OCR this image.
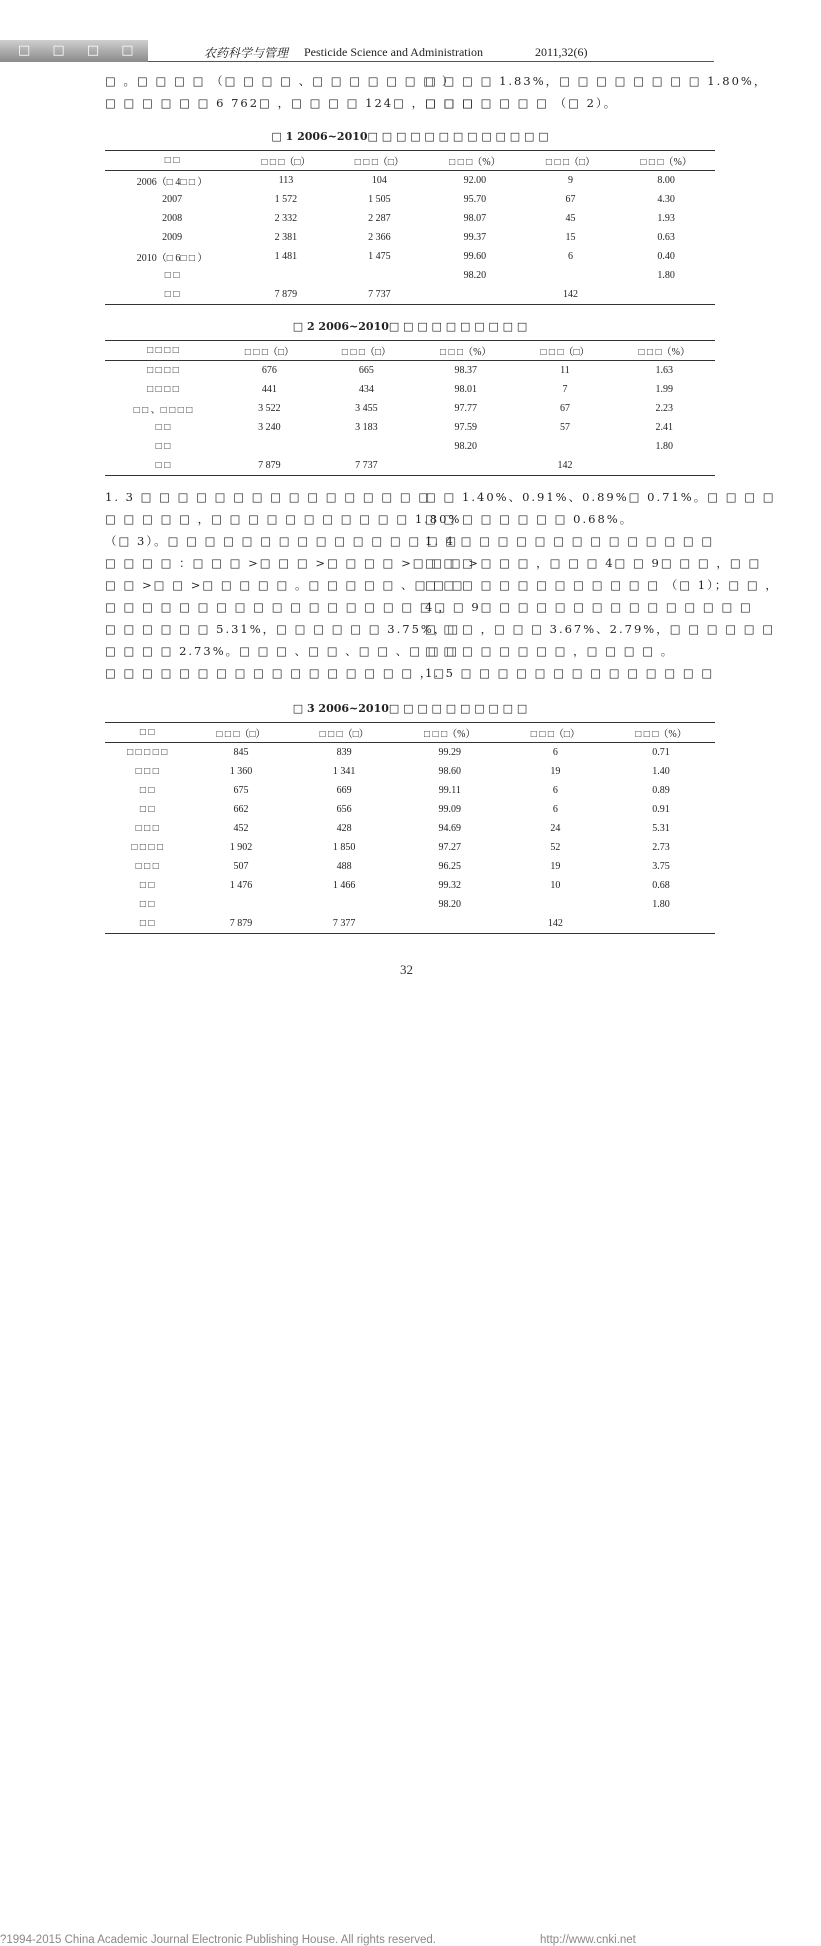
□ □ □ □	农药科学与管理 Pesticide Science and Administration	2011,32(6)
□ 。□ □ □ □ （□ □ □ □ 、□ □ □ □ □ □ □ ）
□ □ □ □ □ □ 6 762□ ，□ □ □ □ 124□ ，□ □ □
□ □ □ □ 1.83%，□ □ □ □ □ □ □ □ 1.80%，
□ □ □ □ □ □ □ （□ 2）。
□ 1 2006~2010□ □ □ □ □ □ □ □ □ □ □ □ □
□ □	□ □ □（□）	□ □ □（□）	□ □ □（%）	□ □ □（□）	□ □ □（%）
2006（□ 4□ □ ）	113	104	92.00	9	8.00
2007	1 572	1 505	95.70	67	4.30
2008	2 332	2 287	98.07	45	1.93
2009	2 381	2 366	99.37	15	0.63
2010（□ 6□ □ ）	1 481	1 475	99.60	6	0.40
□ □			98.20		1.80
□ □	7 879	7 737		142	
□ 2 2006~2010□ □ □ □ □ □ □ □ □ □
□ □ □ □	□ □ □（□）	□ □ □（□）	□ □ □（%）	□ □ □（□）	□ □ □（%）
□ □ □ □	676	665	98.37	11	1.63
□ □ □ □	441	434	98.01	7	1.99
□ □ 、□ □ □ □	3 522	3 455	97.77	67	2.23
□ □	3 240	3 183	97.59	57	2.41
□ □			98.20		1.80
□ □	7 879	7 737		142	
1. 3 □ □ □ □ □ □ □ □ □ □ □ □ □ □ □ □
□ □ □ □ □ ，□ □ □ □ □ □ □ □ □ □ □ 1.80%
（□ 3）。□ □ □ □ □ □ □ □ □ □ □ □ □ □ □ □
□ □ □ □ ：□ □ □ >□ □ □ >□ □ □ □ >□ □ □ >
□ □ >□ □ >□ □ □ □ □ 。□ □ □ □ □ 、□ □ □
□ □ □ □ □ □ □ □ □ □ □ □ □ □ □ □ □ □ ，
□ □ □ □ □ □ 5.31%，□ □ □ □ □ □ 3.75%，□
□ □ □ □ 2.73%。□ □ □ 、□ □ 、□ □ 、□ □ □
□ □ □ □ □ □ □ □ □ □ □ □ □ □ □ □ □ ，□
□ □ 1.40%、0.91%、0.89%□ 0.71%。□ □ □ □
□ □ □ □ □ □ □ □ 0.68%。
1. 4 □ □ □ □ □ □ □ □ □ □ □ □ □ □
□ □ □ □ □ □ ，□ □ □ 4□ □ 9□ □ □ ，□ □
□ □ □ □ □ □ □ □ □ □ □ □ □ （□ 1）；□ □ ，
4□ □ 9□ □ □ □ □ □ □ □ □ □ □ □ □ □ □
□ □ □ ，□ □ □ 3.67%、2.79%，□ □ □ □ □ □
□ □ □ □ □ □ □ □ ，□ □ □ □ 。
1. 5 □ □ □ □ □ □ □ □ □ □ □ □ □ □
□ 3 2006~2010□ □ □ □ □ □ □ □ □ □
□ □	□ □ □（□）	□ □ □（□）	□ □ □（%）	□ □ □（□）	□ □ □（%）
□ □ □ □ □	845	839	99.29	6	0.71
□ □ □	1 360	1 341	98.60	19	1.40
□ □	675	669	99.11	6	0.89
□ □	662	656	99.09	6	0.91
□ □ □	452	428	94.69	24	5.31
□ □ □ □	1 902	1 850	97.27	52	2.73
□ □ □	507	488	96.25	19	3.75
□ □	1 476	1 466	99.32	10	0.68
□ □			98.20		1.80
□ □	7 879	7 377		142	
32
?1994-2015 China Academic Journal Electronic Publishing House. All rights reserved.	http://www.cnki.net
